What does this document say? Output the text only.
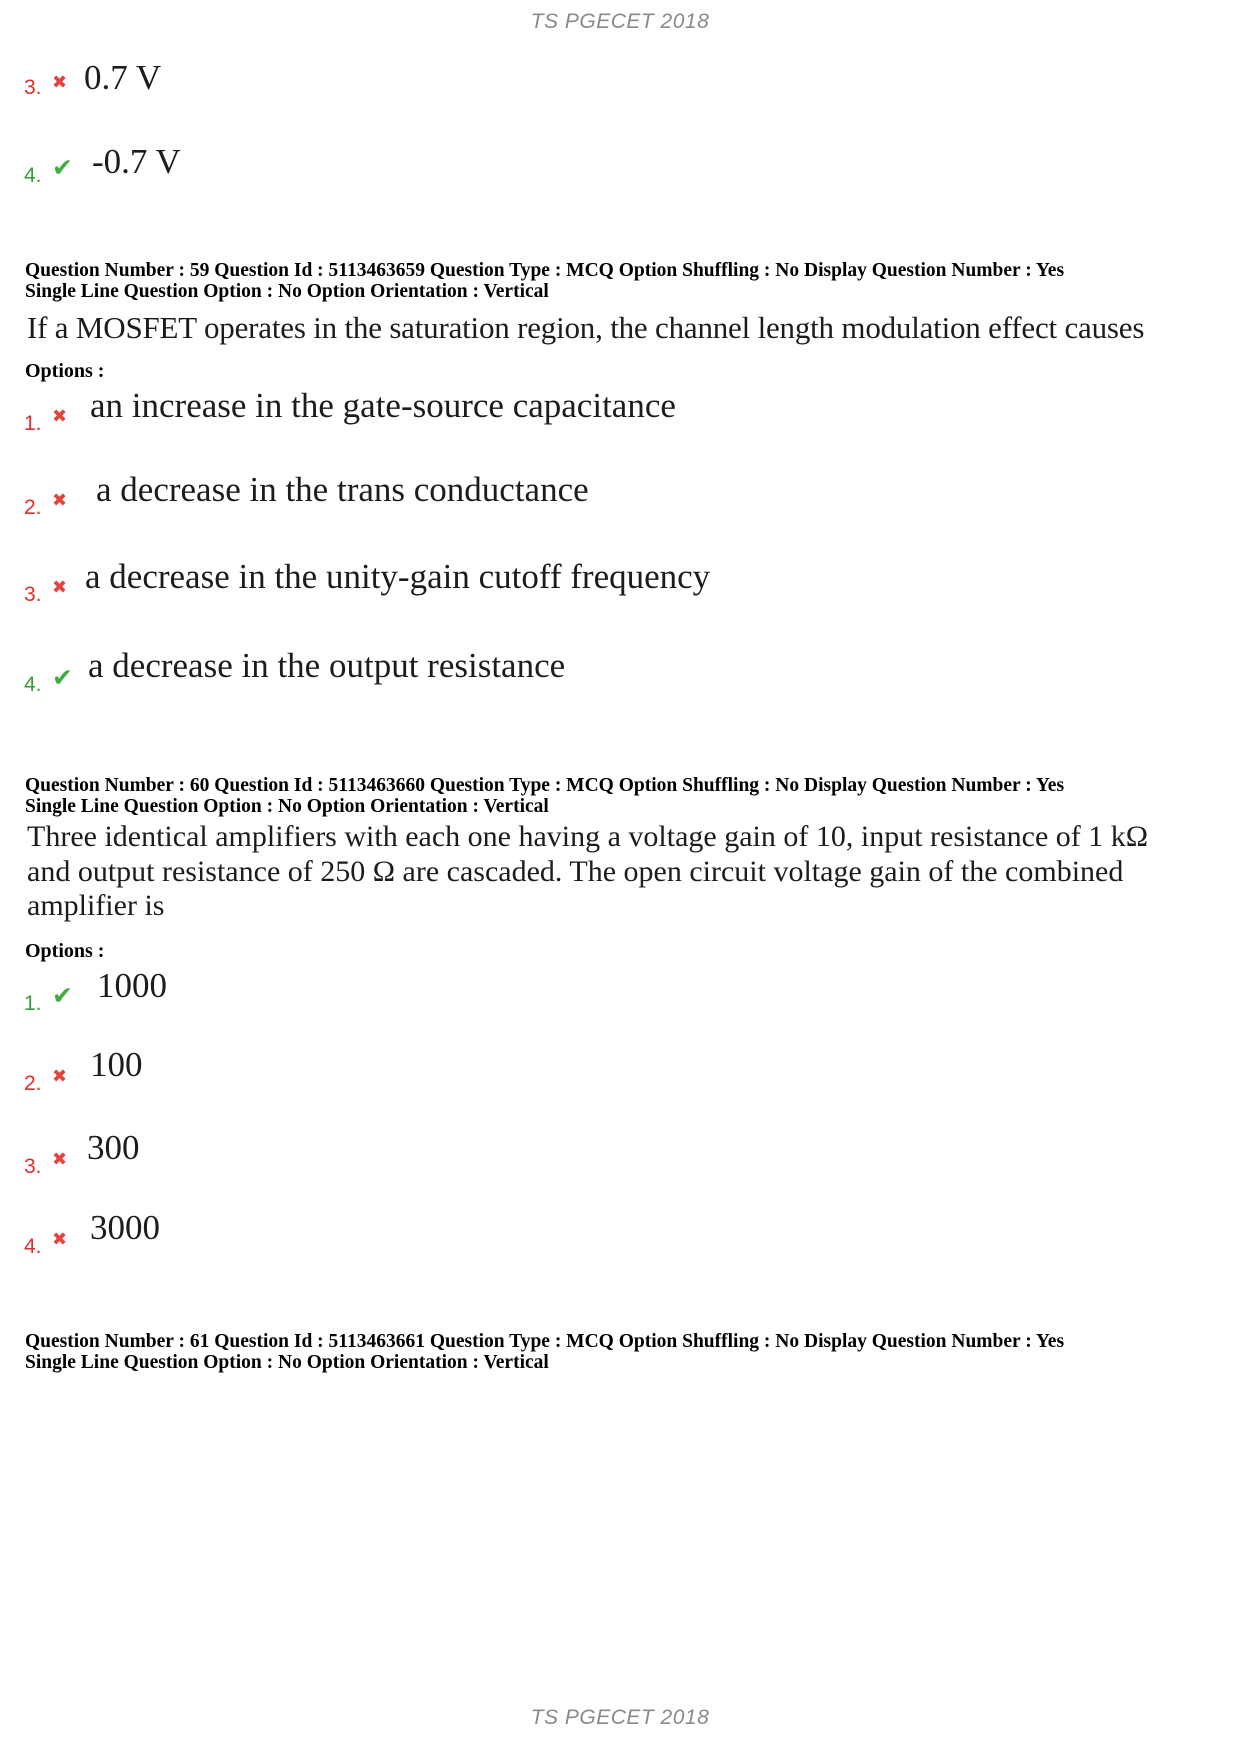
TS PGECET 2018
3. ✖ 0.7 V
4. ✔ -0.7 V
Question Number : 59 Question Id : 5113463659 Question Type : MCQ Option Shuffling : No Display Question Number : Yes
Single Line Question Option : No Option Orientation : Vertical
If a MOSFET operates in the saturation region, the channel length modulation effect causes
Options :
1. ✖ an increase in the gate-source capacitance
2. ✖ a decrease in the trans conductance
3. ✖ a decrease in the unity-gain cutoff frequency
4. ✔ a decrease in the output resistance
Question Number : 60 Question Id : 5113463660 Question Type : MCQ Option Shuffling : No Display Question Number : Yes
Single Line Question Option : No Option Orientation : Vertical
Three identical amplifiers with each one having a voltage gain of 10, input resistance of 1 kΩ
and output resistance of 250 Ω are cascaded. The open circuit voltage gain of the combined
amplifier is
Options :
1. ✔ 1000
2. ✖ 100
3. ✖ 300
4. ✖ 3000
Question Number : 61 Question Id : 5113463661 Question Type : MCQ Option Shuffling : No Display Question Number : Yes
Single Line Question Option : No Option Orientation : Vertical
TS PGECET 2018
